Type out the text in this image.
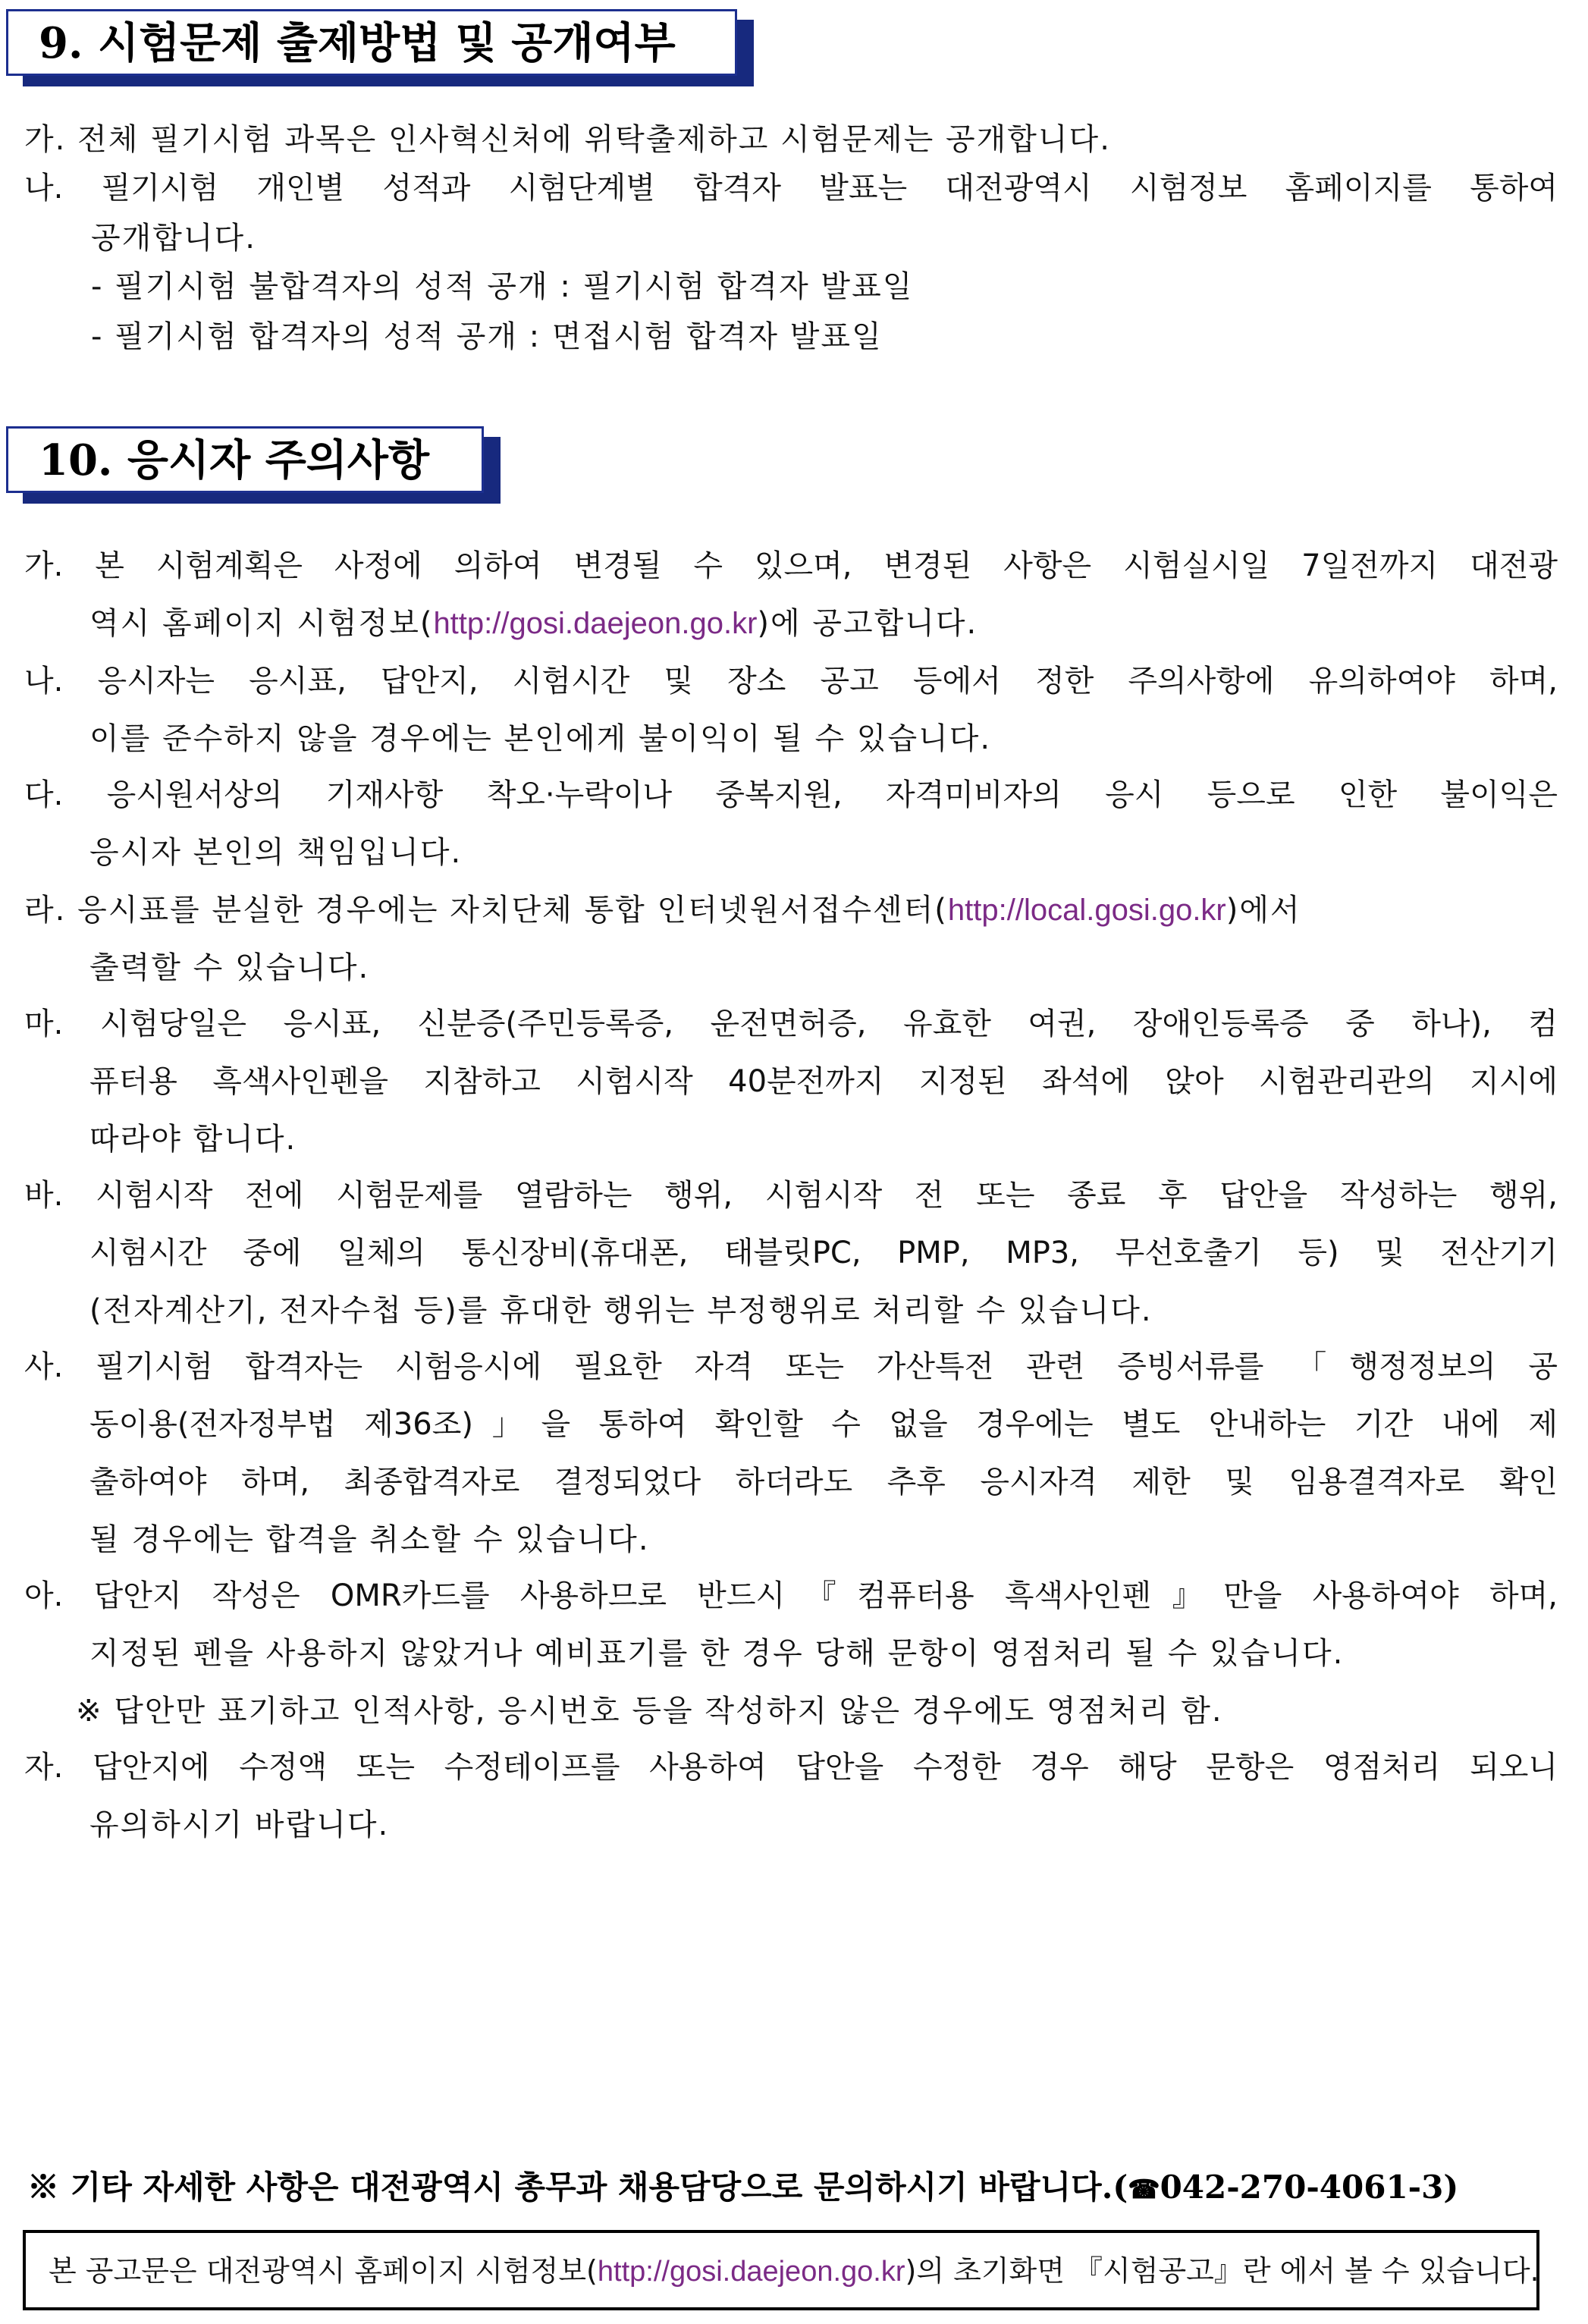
9. 시험문제 출제방법 및 공개여부
가. 전체 필기시험 과목은 인사혁신처에 위탁출제하고 시험문제는 공개합니다.
나. 필기시험 개인별 성적과 시험단계별 합격자 발표는 대전광역시 시험정보 홈페이지를 통하여
공개합니다.
- 필기시험 불합격자의 성적 공개 : 필기시험 합격자 발표일
- 필기시험 합격자의 성적 공개 : 면접시험 합격자 발표일
10. 응시자 주의사항
가. 본 시험계획은 사정에 의하여 변경될 수 있으며, 변경된 사항은 시험실시일 7일전까지 대전광
역시 홈페이지 시험정보(http://gosi.daejeon.go.kr)에 공고합니다.
나. 응시자는 응시표, 답안지, 시험시간 및 장소 공고 등에서 정한 주의사항에 유의하여야 하며,
이를 준수하지 않을 경우에는 본인에게 불이익이 될 수 있습니다.
다. 응시원서상의 기재사항 착오·누락이나 중복지원, 자격미비자의 응시 등으로 인한 불이익은
응시자 본인의 책임입니다.
라. 응시표를 분실한 경우에는 자치단체 통합 인터넷원서접수센터(http://local.gosi.go.kr)에서
출력할 수 있습니다.
마. 시험당일은 응시표, 신분증(주민등록증, 운전면허증, 유효한 여권, 장애인등록증 중 하나), 컴
퓨터용 흑색사인펜을 지참하고 시험시작 40분전까지 지정된 좌석에 앉아 시험관리관의 지시에
따라야 합니다.
바. 시험시작 전에 시험문제를 열람하는 행위, 시험시작 전 또는 종료 후 답안을 작성하는 행위,
시험시간 중에 일체의 통신장비(휴대폰, 태블릿PC, PMP, MP3, 무선호출기 등) 및 전산기기
(전자계산기, 전자수첩 등)를 휴대한 행위는 부정행위로 처리할 수 있습니다.
사. 필기시험 합격자는 시험응시에 필요한 자격 또는 가산특전 관련 증빙서류를 「행정정보의 공
동이용(전자정부법 제36조)」을 통하여 확인할 수 없을 경우에는 별도 안내하는 기간 내에 제
출하여야 하며, 최종합격자로 결정되었다 하더라도 추후 응시자격 제한 및 임용결격자로 확인
될 경우에는 합격을 취소할 수 있습니다.
아. 답안지 작성은 OMR카드를 사용하므로 반드시『컴퓨터용 흑색사인펜』만을 사용하여야 하며,
지정된 펜을 사용하지 않았거나 예비표기를 한 경우 당해 문항이 영점처리 될 수 있습니다.
※ 답안만 표기하고 인적사항, 응시번호 등을 작성하지 않은 경우에도 영점처리 함.
자. 답안지에 수정액 또는 수정테이프를 사용하여 답안을 수정한 경우 해당 문항은 영점처리 되오니
유의하시기 바랍니다.
※ 기타 자세한 사항은 대전광역시 총무과 채용담당으로 문의하시기 바랍니다.(☎042-270-4061-3)
본 공고문은 대전광역시 홈페이지 시험정보(http://gosi.daejeon.go.kr)의 초기화면 『시험공고』란 에서 볼 수 있습니다.
